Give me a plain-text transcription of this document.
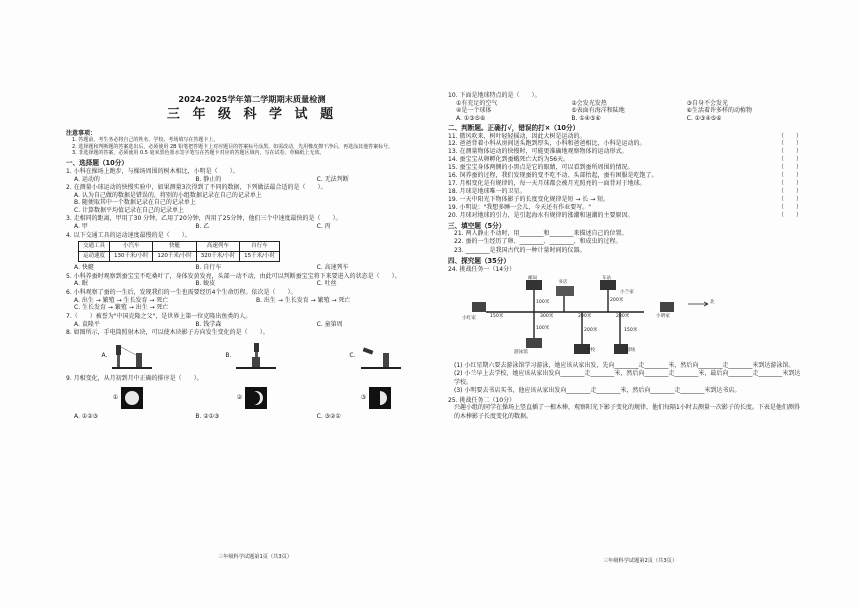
2024-2025学年第二学期期末质量检测
三 年 级 科 学 试 题
注意事项：
1. 答题前，考生务必将自己的姓名、学校、考场填写在答题卡上。
2. 选择题和判断题的答案选出后，必须使用 2B 铅笔把答题卡上对应题目的答案标号涂黑。如需改动，先用橡皮擦干净后，再选涂其他答案标号。
3. 非选择题的答案，必须使用 0.5 毫米黑色墨水签字笔写在答题卡对应的答题区域内，写在试卷、草稿纸上无效。
一、选择题（10分）
1. 小科在操场上跑步，与操场周围的树木相比，小明是（　　）。
A. 运动的	B. 静止的	C. 无法判断
2. 在测量小球运动的快慢实验中，如果测量3次得到了不同的数据，下列做法最合适的是（　　）。
A. 认为自己做的数据是错误的，将别的小组数据记录在自己的记录单上
B. 随便取其中一个数据记录在自己的记录单上
C. 计算数据平均值记录在自己的记录单上
3. 走相同的距离，甲用了30 分钟，乙用了20分钟，丙用了25分钟，他们三个中速度最快的是（　　）。
A. 甲	B. 乙	C. 丙
4. 以下交通工具的运动速度最慢的是（　　）。
交通工具	小汽车	快艇	高速列车	自行车
运动速度	130千米/小时	120千米/小时	320千米/小时	15千米/小时
A. 快艇	B. 自行车	C. 高速列车
5. 小科养蚕时观察到蚕宝宝不吃桑叶了，身体发黄发亮，头部一动不动，由此可以判断蚕宝宝将下来要进入的状态是（　　）。
A. 眠	B. 蜕皮	C. 吐丝
6. 小科观察了蚕的一生后，发现我们的一生也需要经历4个生命历程。依次是（　　）。
A. 出生 → 繁殖 → 生长发育 → 死亡	B. 出生 → 生长发育 → 繁殖 → 死亡
C. 生长发育 → 繁殖 → 出生 → 死亡
7.（　　）被誉为"中国克隆之父"，是世界上第一位克隆出鱼类的人。
A. 袁隆平	B. 钱学森	C. 童第周
8. 如图所示，手电筒照射木块，可以使木块影子方向发生变化的是（　　）。
A.	B.	C.
9. 月相变化，从月初到月中正确的排序是（　　）。
①	②	③
A. ①②③	B. ②①③	C. ③②①
三年级科学试题第1页（共3页）
10. 下面是地球特点的是（　　）。
①有充足的空气	②会发光发热	③自身不会发光
④是一个球体	⑤表面有海洋和陆地	⑥生活着许多样的动植物
A. ①③⑤⑥	B. ①④⑤⑥	C. ①③④⑤⑥
二、判断题。正确打√，错误的打×（10分）
11. 微风吹来，树叶轻轻摇动，因此大树是运动的。	（　　）
12. 爸爸背着小科从房间送头跑到厚头，小科和爸爸相比，小科是运动的。	（　　）
13. 在测量物体运动的快慢时，可能更准确地观察物体的运动形式。	（　　）
14. 蚕宝宝从卵孵化到蚕蛾死亡大约为56天。	（　　）
15. 蚕宝宝身体两侧的小黑点是它的眼睛，可以看到蚕所周围的情况。	（　　）
16. 饲养蚕的过程，我们发现蚕的变不吃不动、头部抬起，蚕有困服是吃饱了。	（　　）
17. 月相变化是有规律的，每一天月球都会被月光照亮的一面背对于地球。	（　　）
18. 月球是地球唯一的卫星。	（　　）
19. 一天中阳光下物体影子的长度变化规律是短 → 长 → 短。	（　　）
19. 小明说："我想多睡一会儿，今天还有作业要写。"	（　　）
20. 月球对地球的引力，是引起海水有规律的涨潮和退潮的主要原因。	（　　）
三、填空题（5分）
21. 两人静止不动时，用________和________来描述自己的位置。
22. 蚕的一生经历了卵、________、________、和成虫的过程。
23. ________是我国古代的一种计量时间的仪器。
四、探究题（35分）
24. 挑战任务一（14分）
邮局
书店
车站
小兰家
小红家	小明家
学校	剧场
游泳馆
北
150米	300米	200米	280米
100米
100米	200米	150米
200米
(1) 小红星期六要去游泳馆学习游泳，她应该从家出发，先向________走________米，然后向________走________米到达游泳馆。
(2) 小兰早上去学校，她应该从家出发向________走________米，然后向________走________米，最后向________走________米到达学校。
(3) 小明要去书店买书，他应该从家出发向________走________米，然后向________走________米到达书店。
25. 挑战任务二（10分）
兴趣小组的同学在操场上竖直插了一根木棒，观察阳光下影子变化的规律，他们每隔1小时去测量一次影子的长度。下表是他们测得的木棒影子长度变化的数据。
三年级科学试题第2页（共3页）
